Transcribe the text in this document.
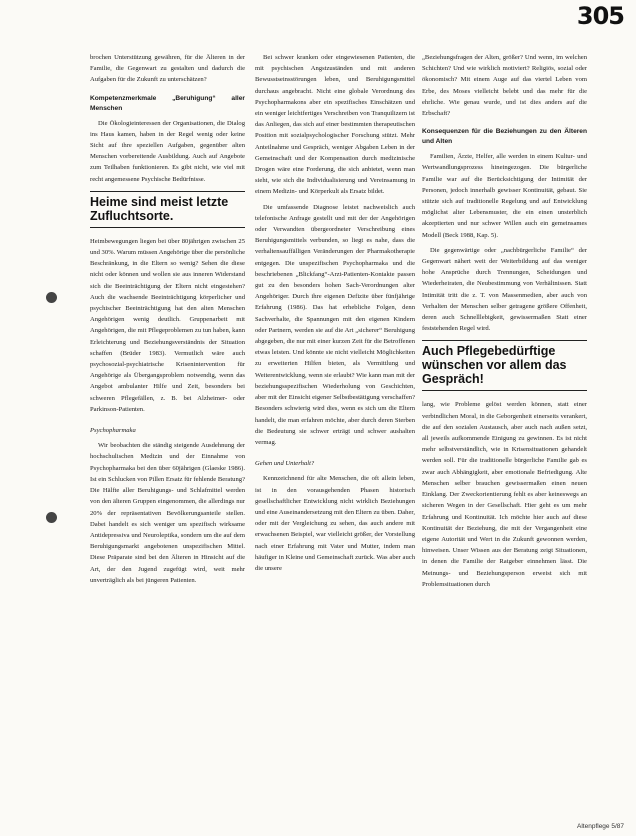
305

brochen Unterstützung gewähren, für die Älteren in der Familie, die Gegenwart zu gestalten und dadurch die Aufgaben für die Zukunft zu unterschätzen?

Kompetenzmerkmale „Beruhigung“ aller Menschen

Die Ökologieinteressen der Organisationen, die Dialog ins Haus kamen, haben in der Regel wenig oder keine Sicht auf ihre speziellen Aufgaben, gegenüber alten Menschen vorbereitende Ausbildung. Auch auf Angebote zum Teilhaben funktionieren. Es gibt nicht, wie viel mit recht angemessene Psychische Bedürfnisse.

Heime sind meist letzte Zufluchtsorte.

Heimbewegungen liegen bei über 80jährigen zwischen 25 und 30%. Warum müssen Angehörige über die persönliche Beschränkung, in die Eltern so wenig? Sehen die diese nicht oder können und wollen sie aus inneren Widerstand sich die Beeinträchtigung der Eltern nicht eingestehen? Auch die wachsende Beeinträchtigung körperlicher und psychischer Beeinträchtigung hat den alten Menschen Angehörigen wenig deutlich. Gruppenarbeit mit Angehörigen, die mit Pflegeproblemen zu tun haben, kann Erleichterung und Beziehungsverständnis der Situation schaffen (Brüder 1983). Vermutlich wäre auch psychosozial-psychiatrische Krisenintervention für Angehörige als Übergangsproblem notwendig, wenn das Angebot ambulanter Hilfe und Zeit, besonders bei schweren Pflegefällen, z. B. bei Alzheimer- oder Parkinson-Patienten.

Psychopharmaka

Wir beobachten die ständig steigende Ausdehnung der hochschulischen Medizin und der Einnahme von Psychopharmaka bei den über 60jährigen (Glaeske 1986). Ist ein Schlucken von Pillen Ersatz für fehlende Beratung? Die Hälfte aller Beruhigungs- und Schlafmittel werden von den älteren Gruppen eingenommen, die allerdings nur 20% der repräsentativen Bevölkerungsanteile stellen. Dabei handelt es sich weniger um spezifisch wirksame Antidepressiva und Neuroleptika, sondern um die auf dem Beruhigungsmarkt angebotenen unspezifischen Mittel. Diese Präparate sind bei den Älteren in Hinsicht auf die Art, der den Jugend zugefügt wird, weit mehr unverträglich als bei jüngeren Patienten.

Bei schwer kranken oder eingewiesenen Patienten, die mit psychischen Angstzuständen und mit anderen Bewusstseinsstörungen leben, und Beruhigungsmittel durchaus angebracht. Nicht eine globale Verordnung des Psychopharmakons aber ein spezifisches Einschätzen und ein weniger leichtfertiges Verschreiben von Tranquilizern ist das Anliegen, das sich auf einer bestimmten therapeutischen Position mit sozialpsychologischer Forschung stützt. Mehr Anteilnahme und Gespräch, weniger Abgaben Leben in der Gemeinschaft und der Kompensation durch medizinische Drogen wäre eine Forderung, die sich anbietet, wenn man sieht, wie sich die Individualisierung und Vereinsamung in einem Medizin- und Körperkult als Ersatz bildet.

Die umfassende Diagnose leistet nachweislich auch telefonische Anfrage gestellt und mit der der Angehörigen oder Verwandten übergeordneter Verschreibung eines Beruhigungsmittels verbunden, so liegt es nahe, dass die verhaltensauffälligen Veränderungen der Pharmakotherapie entgegen. Die unspezifischen Psychopharmaka und die beschriebenen „Blickfang“-Arzt-Patienten-Kontakte passen gut zu den besonders hohen Sach-Verordnungen alter Angehöriger. Durch ihre eigenen Defizite über fünfjährige Erfahrung (1986). Das hat erhebliche Folgen, denn Sachverhalte, die Spannungen mit den eigenen Kindern oder Partnern, werden sie auf die Art „sicherer“ Beruhigung abgegeben, die nur mit einer kurzen Zeit für die Betroffenen etwas leisten. Und könnte sie nicht vielleicht Möglichkeiten zu erweiterten Hilfen bieten, als Vermittlung und Weiterentwicklung, wenn sie erlaubt? Wie kann man mit der beziehungsspezifischen Wiederholung von Geschichten, aber mit der Einsicht eigener Selbstbestätigung verschaffen? Besonders schwierig wird dies, wenn es sich um die Eltern handelt, die man erfahren möchte, aber durch deren Sterben die Bedeutung sie schwer erträgt und schwer aushalten vermag.

Gehen und Unterhalt?

Kennzeichnend für alte Menschen, die oft allein leben, ist in den vorausgehenden Phasen historisch gesellschaftlicher Entwicklung nicht wirklich Beziehungen und eine Auseinandersetzung mit den Eltern zu üben. Daher, oder mit der Vergleichung zu sehen, das auch andere mit erwachsenen Beispiel, war vielleicht größer, der Vorstellung nach einer Erfahrung mit Vater und Mutter, indem man häufiger in Kleine und Gemeinschaft zurück. Was aber auch die unsere

„Beziehungsfragen der Alten, größer? Und wenn, im welchen Schichten? Und wie wirklich motiviert? Religiös, sozial oder ökonomisch? Mit einem Auge auf das viertel Leben vom Erbe, des Moses vielleicht belebt und das mehr für die ehrliche. Wie genau wurde, und ist dies anders auf die Erbschaft?

Konsequenzen für die Beziehungen zu den Älteren und Alten

Familien, Ärzte, Helfer, alle werden in einem Kultur- und Wertwandlungsprozess hineingezogen. Die bürgerliche Familie war auf die Berücksichtigung der Intimität der Personen, jedoch innerhalb gewisser Kontinuität, gebaut. Sie stützte sich auf traditionelle Regelung und auf Entwicklung möglichst alter Lebensmuster, die ein einen unsterblich akzeptierten und nur schwer Willen auch ein gemeinsames Modell (Beck 1988, Kap. 5).

Die gegenwärtige oder „nachbürgerliche Familie“ der Gegenwart nähert weit der Weiterbildung auf das weniger hohe Ansprüche durch Trennungen, Scheidungen und Wiederheiraten, die Neubestimmung von Verhältnissen. Statt Intimität tritt die z. T. von Massenmedien, aber auch von Verhalten der Menschen selber getragene größere Offenheit, deren auch Schnelllebigkeit, gewissermaßen Statt einer feststehenden Regel wird.

Auch Pflegebedürftige wünschen vor allem das Gespräch!

lang, wie Probleme gelöst werden können, statt einer verbindlichen Moral, in die Geborgenheit einerseits verankert, die auf den sozialen Austausch, aber auch nach außen setzt, all jeweils aufkommende Einigung zu gewinnen. Es ist nicht mehr selbstverständlich, wie in Krisensituationen gehandelt werden soll. Für die traditionelle bürgerliche Familie gab es zwar auch Abhängigkeit, aber emotionale Befriedigung. Alte Menschen selber brauchen gewissermaßen einen neuen Einklang. Der Zweckorientierung fehlt es aber keineswegs an sicheren Wegen in der Gesellschaft. Hier geht es um mehr Erfahrung und Kontinuität. Ich möchte hier auch auf diese Kontinuität der Beziehung, die mit der Vergangenheit eine eigene Autorität und Wert in die Zukunft gewonnen werden, hinweisen. Unser Wissen aus der Beratung zeigt Situationen, in denen die Familie der Ratgeber einnehmen lässt. Die Meinungs- und Beziehungsperson erweist sich mit Problemsituationen durch

Altenpflege 5/87
